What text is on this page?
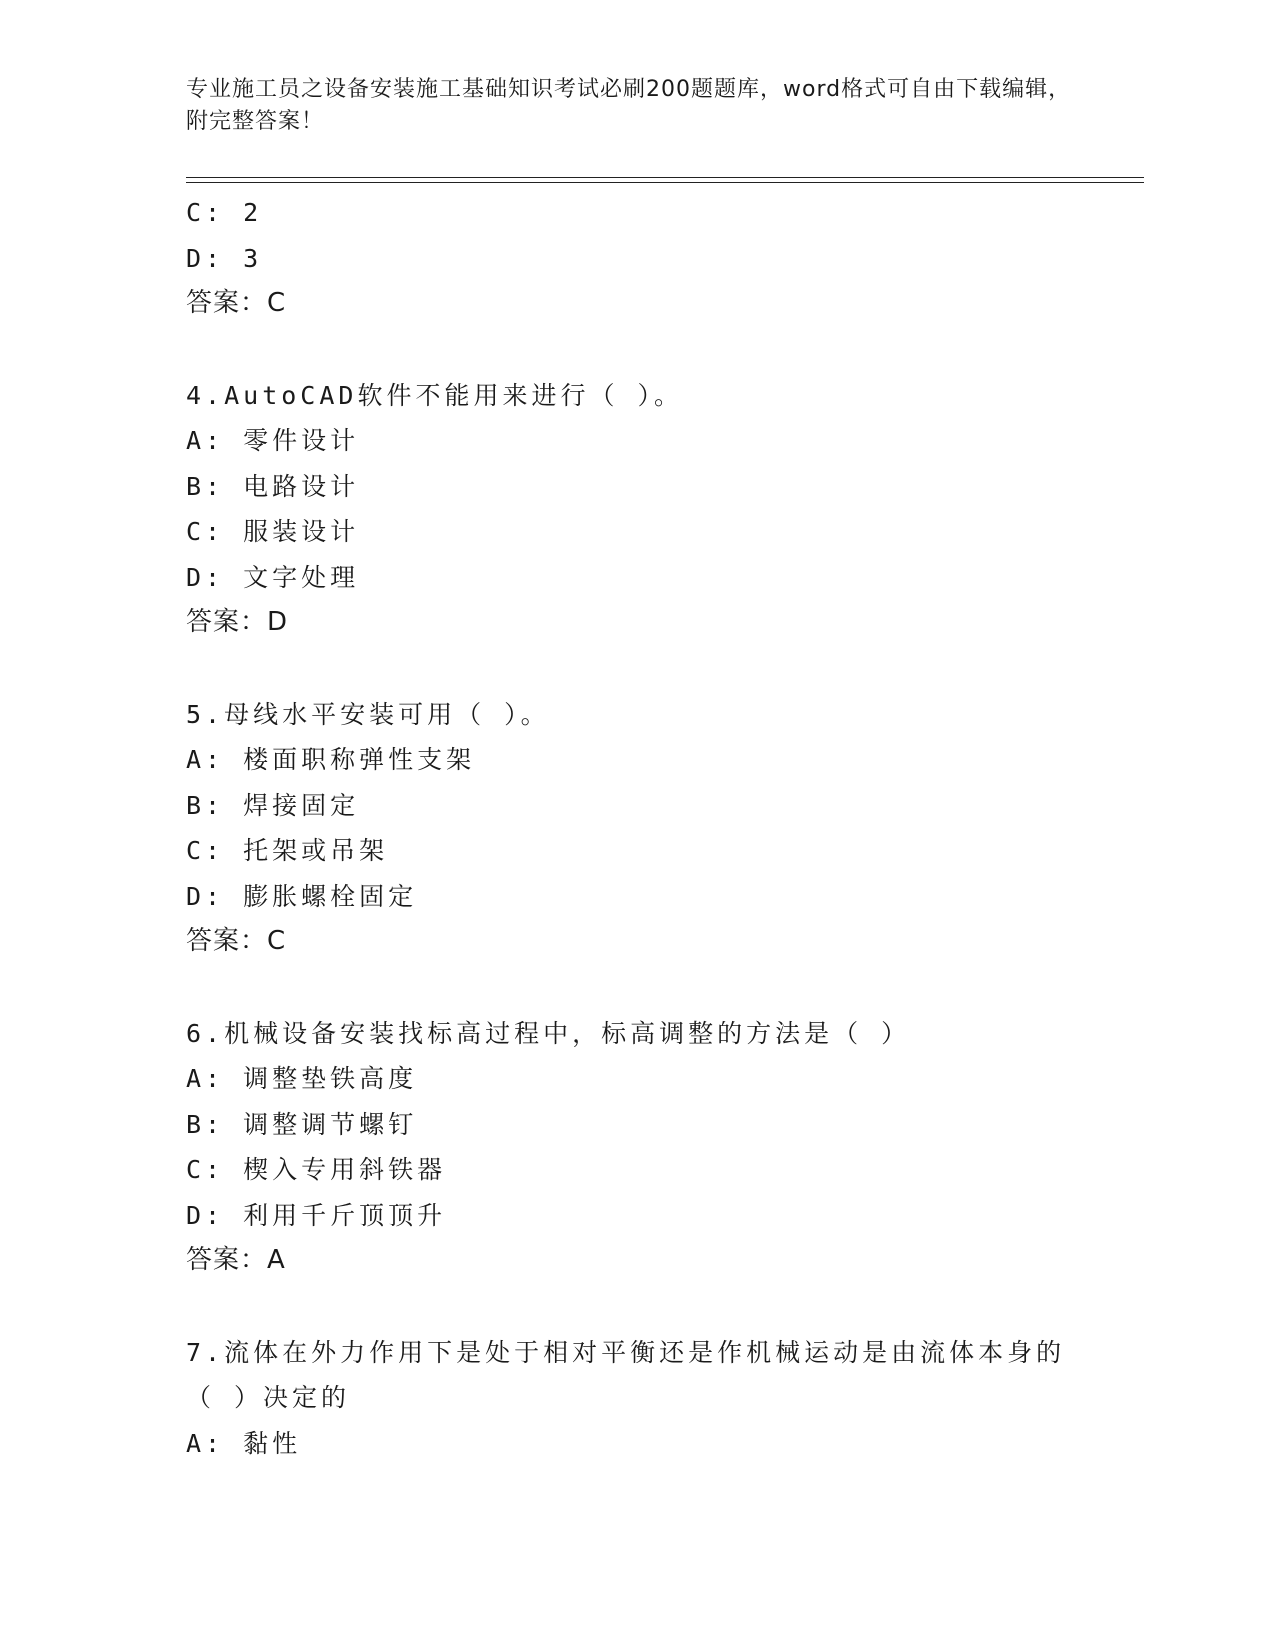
专业施工员之设备安装施工基础知识考试必刷200题题库，word格式可自由下载编辑，附完整答案！
C: 2
D: 3
答案：C
4.AutoCAD软件不能用来进行（ ）。
A: 零件设计
B: 电路设计
C: 服装设计
D: 文字处理
答案：D
5.母线水平安装可用（ ）。
A: 楼面职称弹性支架
B: 焊接固定
C: 托架或吊架
D: 膨胀螺栓固定
答案：C
6.机械设备安装找标高过程中，标高调整的方法是（ ）
A: 调整垫铁高度
B: 调整调节螺钉
C: 楔入专用斜铁器
D: 利用千斤顶顶升
答案：A
7.流体在外力作用下是处于相对平衡还是作机械运动是由流体本身的
（ ）决定的
A: 黏性
